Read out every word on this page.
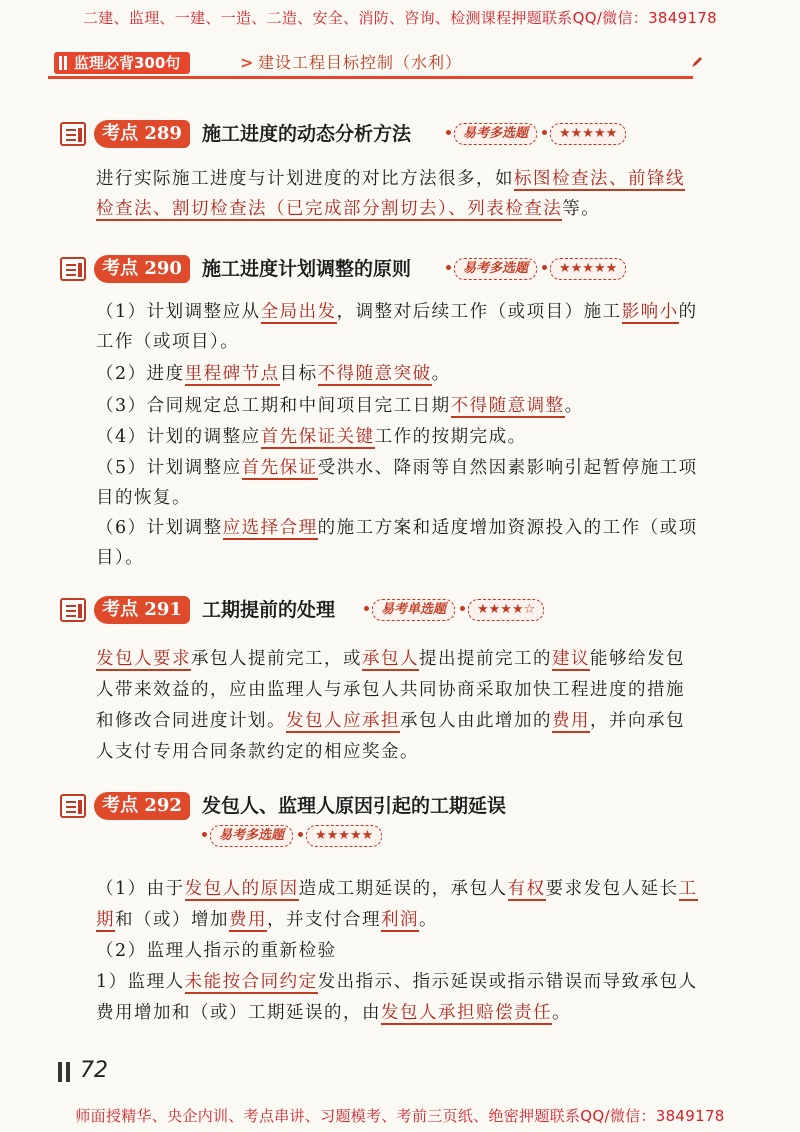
二建、监理、一建、一造、二造、安全、消防、咨询、检测课程押题联系QQ/微信：3849178
监理必背300句	> 建设工程目标控制（水利）
考点 289	施工进度的动态分析方法	易考多选题	★★★★★
进行实际施工进度与计划进度的对比方法很多，如标图检查法、前锋线
检查法、割切检查法（已完成部分割切去）、列表检查法等。
考点 290	施工进度计划调整的原则	易考多选题	★★★★★
（1）计划调整应从全局出发，调整对后续工作（或项目）施工影响小的
工作（或项目）。
（2）进度里程碑节点目标不得随意突破。
（3）合同规定总工期和中间项目完工日期不得随意调整。
（4）计划的调整应首先保证关键工作的按期完成。
（5）计划调整应首先保证受洪水、降雨等自然因素影响引起暂停施工项
目的恢复。
（6）计划调整应选择合理的施工方案和适度增加资源投入的工作（或项
目）。
考点 291	工期提前的处理	易考单选题	★★★★☆
发包人要求承包人提前完工，或承包人提出提前完工的建议能够给发包
人带来效益的，应由监理人与承包人共同协商采取加快工程进度的措施
和修改合同进度计划。发包人应承担承包人由此增加的费用，并向承包
人支付专用合同条款约定的相应奖金。
考点 292	发包人、监理人原因引起的工期延误
易考多选题	★★★★★
（1）由于发包人的原因造成工期延误的，承包人有权要求发包人延长工
期和（或）增加费用，并支付合理利润。
（2）监理人指示的重新检验
1）监理人未能按合同约定发出指示、指示延误或指示错误而导致承包人
费用增加和（或）工期延误的，由发包人承担赔偿责任。
72
师面授精华、央企内训、考点串讲、习题模考、考前三页纸、绝密押题联系QQ/微信：3849178
